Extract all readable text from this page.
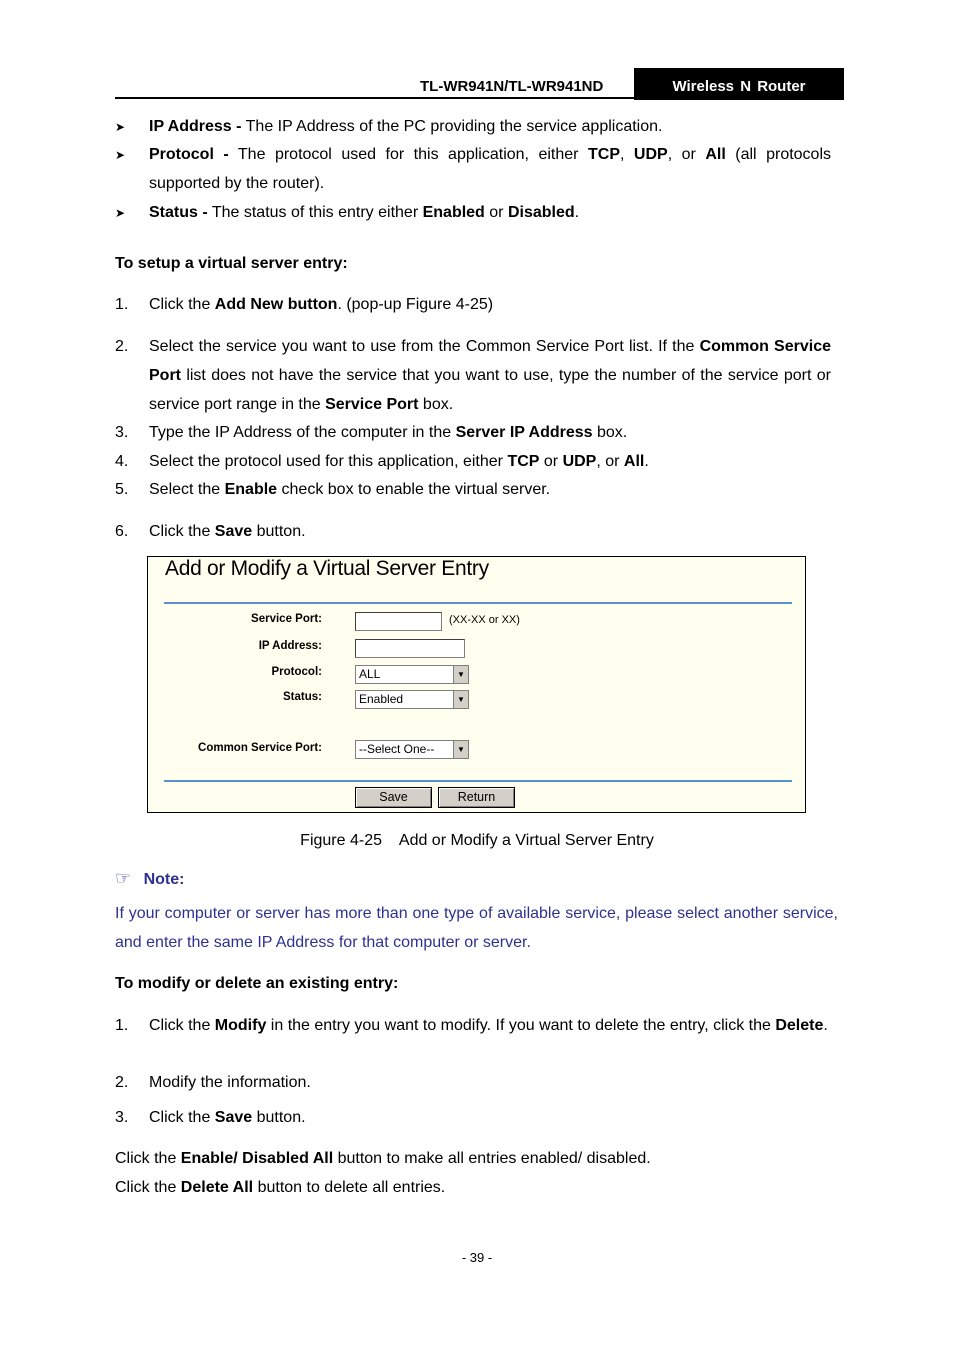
TL-WR941N/TL-WR941ND	Wireless N Router
➤ IP Address - The IP Address of the PC providing the service application.
➤ Protocol - The protocol used for this application, either TCP, UDP, or All (all protocols supported by the router).
➤ Status - The status of this entry either Enabled or Disabled.
To setup a virtual server entry:
1. Click the Add New button. (pop-up Figure 4-25)
2. Select the service you want to use from the Common Service Port list. If the Common Service Port list does not have the service that you want to use, type the number of the service port or service port range in the Service Port box.
3. Type the IP Address of the computer in the Server IP Address box.
4. Select the protocol used for this application, either TCP or UDP, or All.
5. Select the Enable check box to enable the virtual server.
6. Click the Save button.
Add or Modify a Virtual Server Entry
Service Port:	(XX-XX or XX)
IP Address:
Protocol:	ALL	▼
Status:	Enabled	▼
Common Service Port:	--Select One--	▼
Save	Return
Figure 4-25    Add or Modify a Virtual Server Entry
☞ Note:
If your computer or server has more than one type of available service, please select another service, and enter the same IP Address for that computer or server.
To modify or delete an existing entry:
1. Click the Modify in the entry you want to modify. If you want to delete the entry, click the Delete.
2. Modify the information.
3. Click the Save button.
Click the Enable/ Disabled All button to make all entries enabled/ disabled.
Click the Delete All button to delete all entries.
- 39 -
